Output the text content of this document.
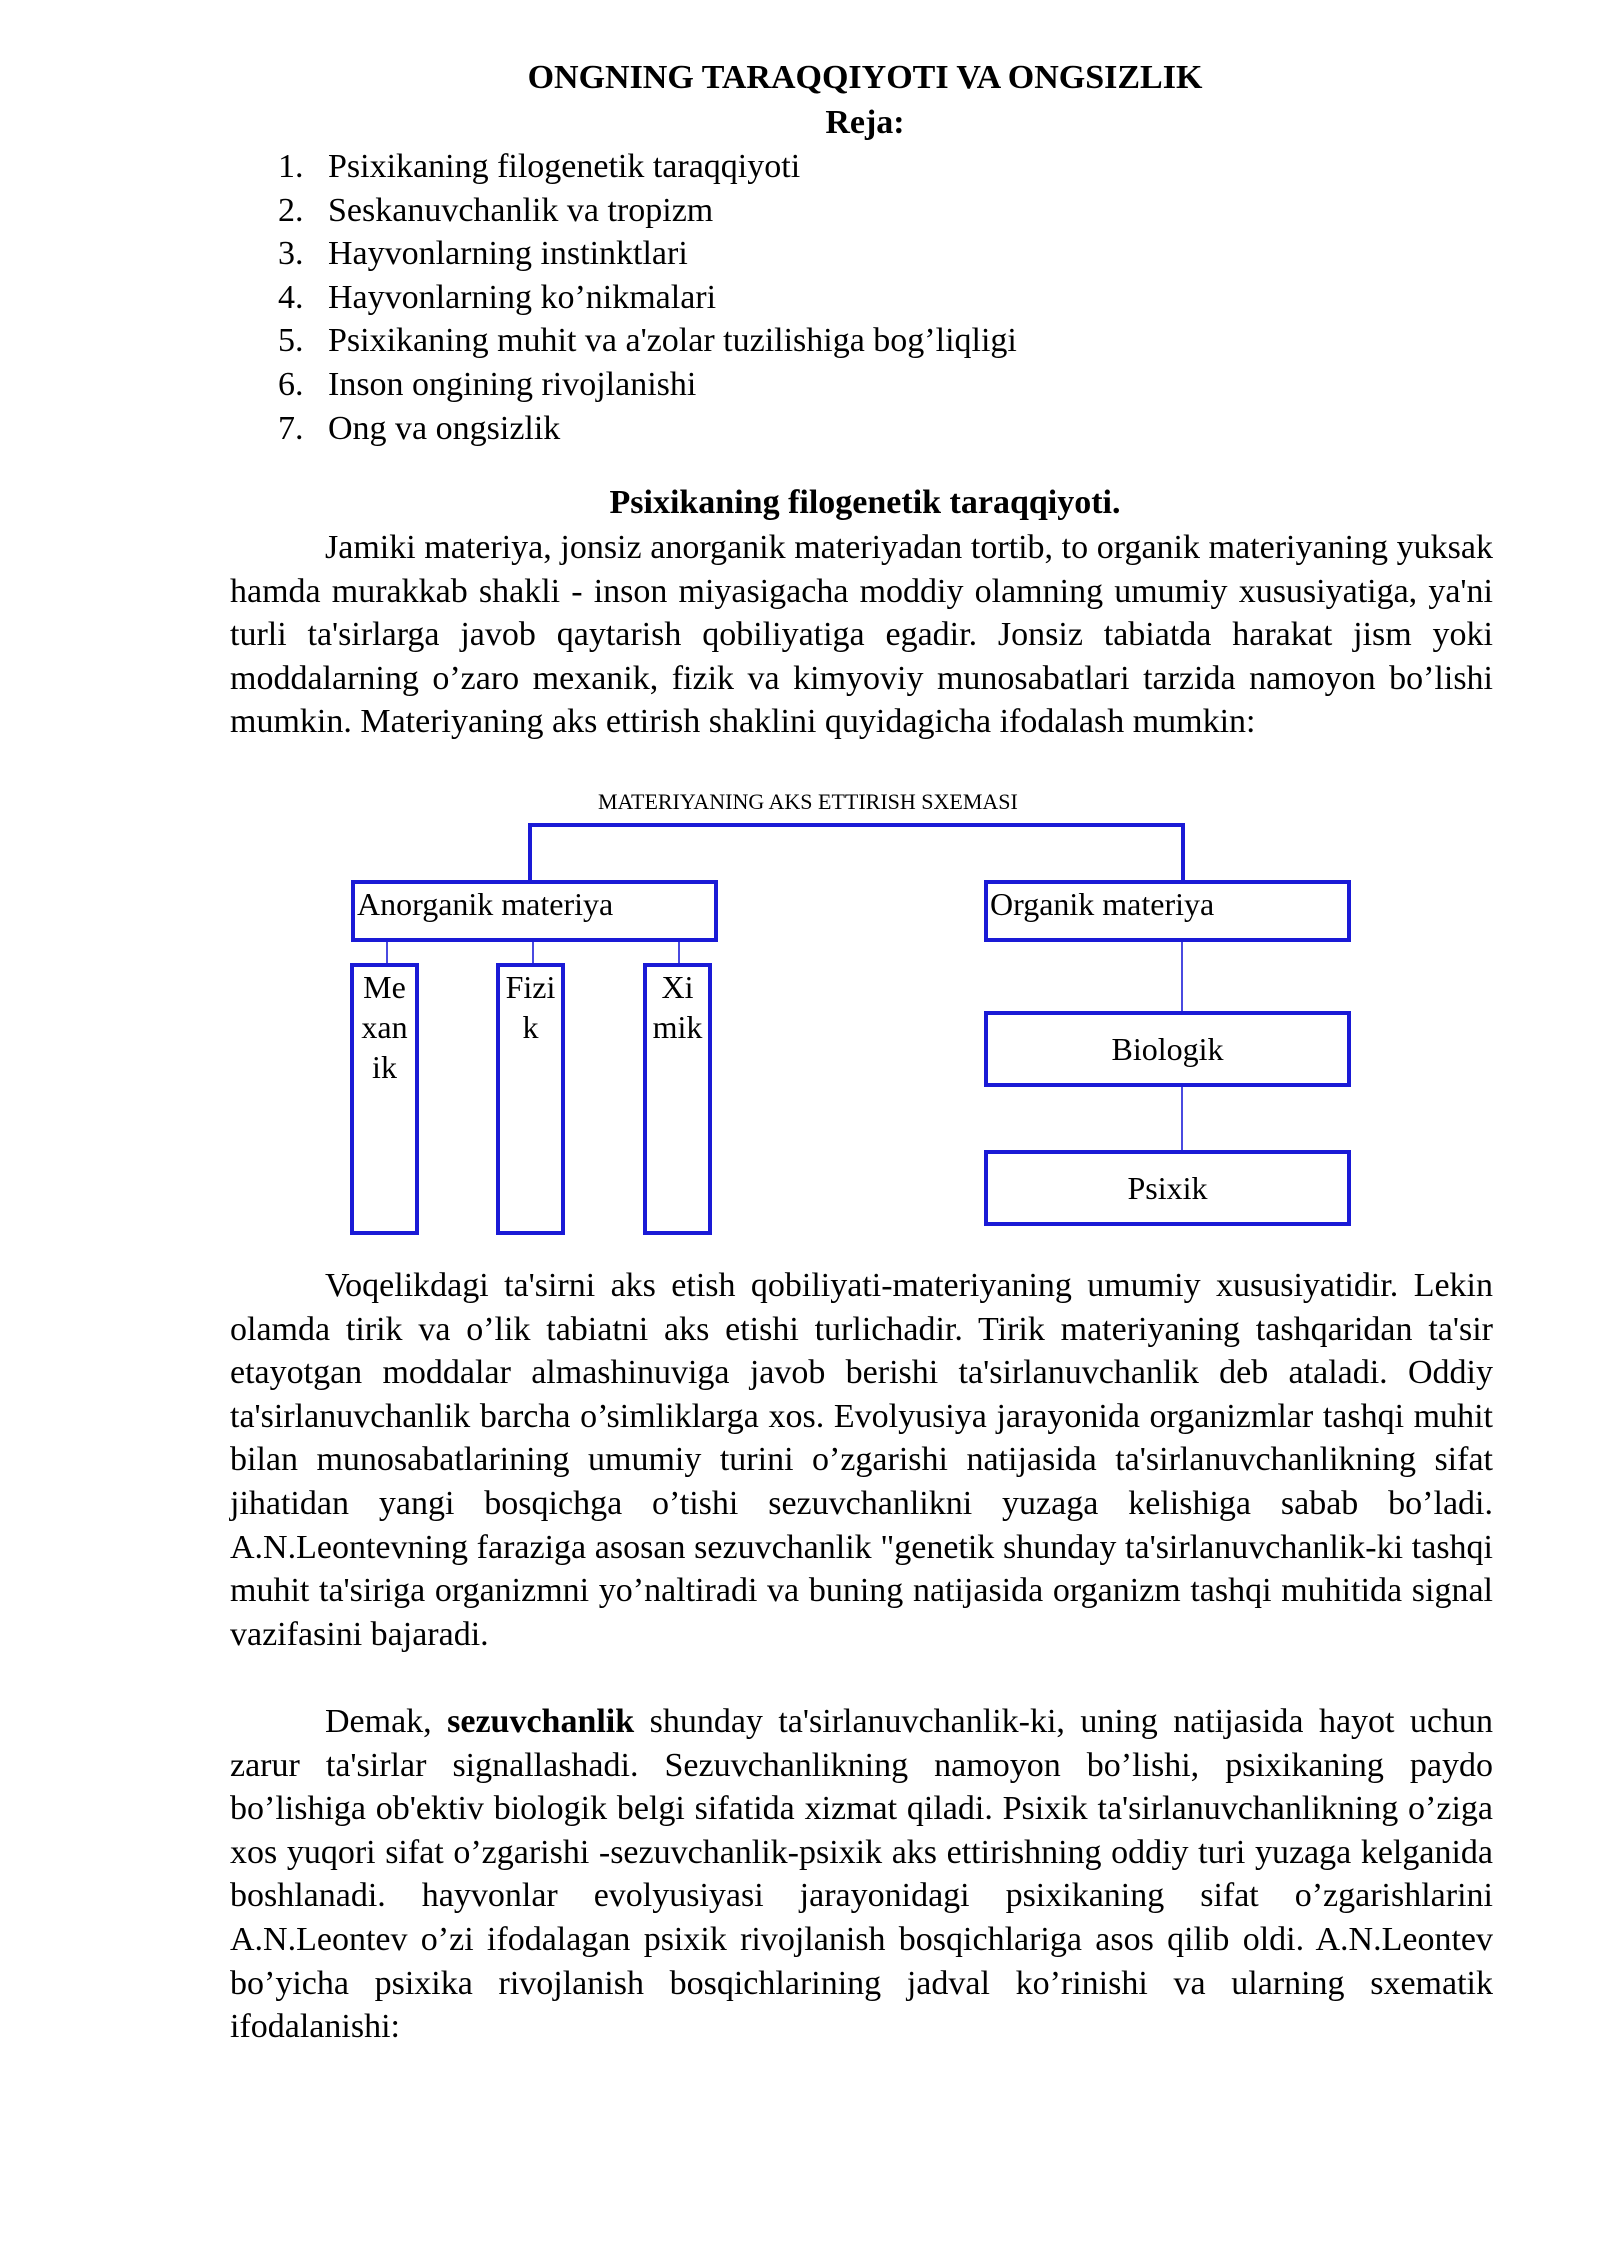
ONGNING TARAQQIYOTI VA ONGSIZLIK
Reja:
1. Psixikaning filogenetik taraqqiyoti
2. Seskanuvchanlik va tropizm
3. Hayvonlarning instinktlari
4. Hayvonlarning ko’nikmalari
5. Psixikaning muhit va a'zolar tuzilishiga bog’liqligi
6. Inson ongining rivojlanishi
7. Ong va ongsizlik
Psixikaning filogenetik taraqqiyoti.

Jamiki materiya, jonsiz anorganik materiyadan tortib, to organik materiyaning yuksak hamda murakkab shakli - inson miyasigacha moddiy olamning umumiy xususiyatiga, ya'ni turli ta'sirlarga javob qaytarish qobiliyatiga egadir. Jonsiz tabiatda harakat jism yoki moddalarning o’zaro mexanik, fizik va kimyoviy munosabatlari tarzida namoyon bo’lishi mumkin. Materiyaning aks ettirish shaklini quyidagicha ifodalash mumkin:

MATERIYANING AKS ETTIRISH SXEMASI
Anorganik materiya	Organik materiya
Me
xan
ik
Fizi
k
Xi
mik
Biologik
Psixik

Voqelikdagi ta'sirni aks etish qobiliyati-materiyaning umumiy xususiyatidir. Lekin olamda tirik va o’lik tabiatni aks etishi turlichadir. Tirik materiyaning tashqaridan ta'sir etayotgan moddalar almashinuviga javob berishi ta'sirlanuvchanlik deb ataladi. Oddiy ta'sirlanuvchanlik barcha o’simliklarga xos. Evolyusiya jarayonida organizmlar tashqi muhit bilan munosabatlarining umumiy turini o’zgarishi natijasida ta'sirlanuvchanlikning sifat jihatidan yangi bosqichga o’tishi sezuvchanlikni yuzaga kelishiga sabab bo’ladi. A.N.Leontevning faraziga asosan sezuvchanlik "genetik shunday ta'sirlanuvchanlik-ki tashqi muhit ta'siriga organizmni yo’naltiradi va buning natijasida organizm tashqi muhitida signal vazifasini bajaradi.

Demak, sezuvchanlik shunday ta'sirlanuvchanlik-ki, uning natijasida hayot uchun zarur ta'sirlar signallashadi. Sezuvchanlikning namoyon bo’lishi, psixikaning paydo bo’lishiga ob'ektiv biologik belgi sifatida xizmat qiladi. Psixik ta'sirlanuvchanlikning o’ziga xos yuqori sifat o’zgarishi -sezuvchanlik-psixik aks ettirishning oddiy turi yuzaga kelganida boshlanadi. hayvonlar evolyusiyasi jarayonidagi psixikaning sifat o’zgarishlarini A.N.Leontev o’zi ifodalagan psixik rivojlanish bosqichlariga asos qilib oldi. A.N.Leontev bo’yicha psixika rivojlanish bosqichlarining jadval ko’rinishi va ularning sxematik ifodalanishi:
